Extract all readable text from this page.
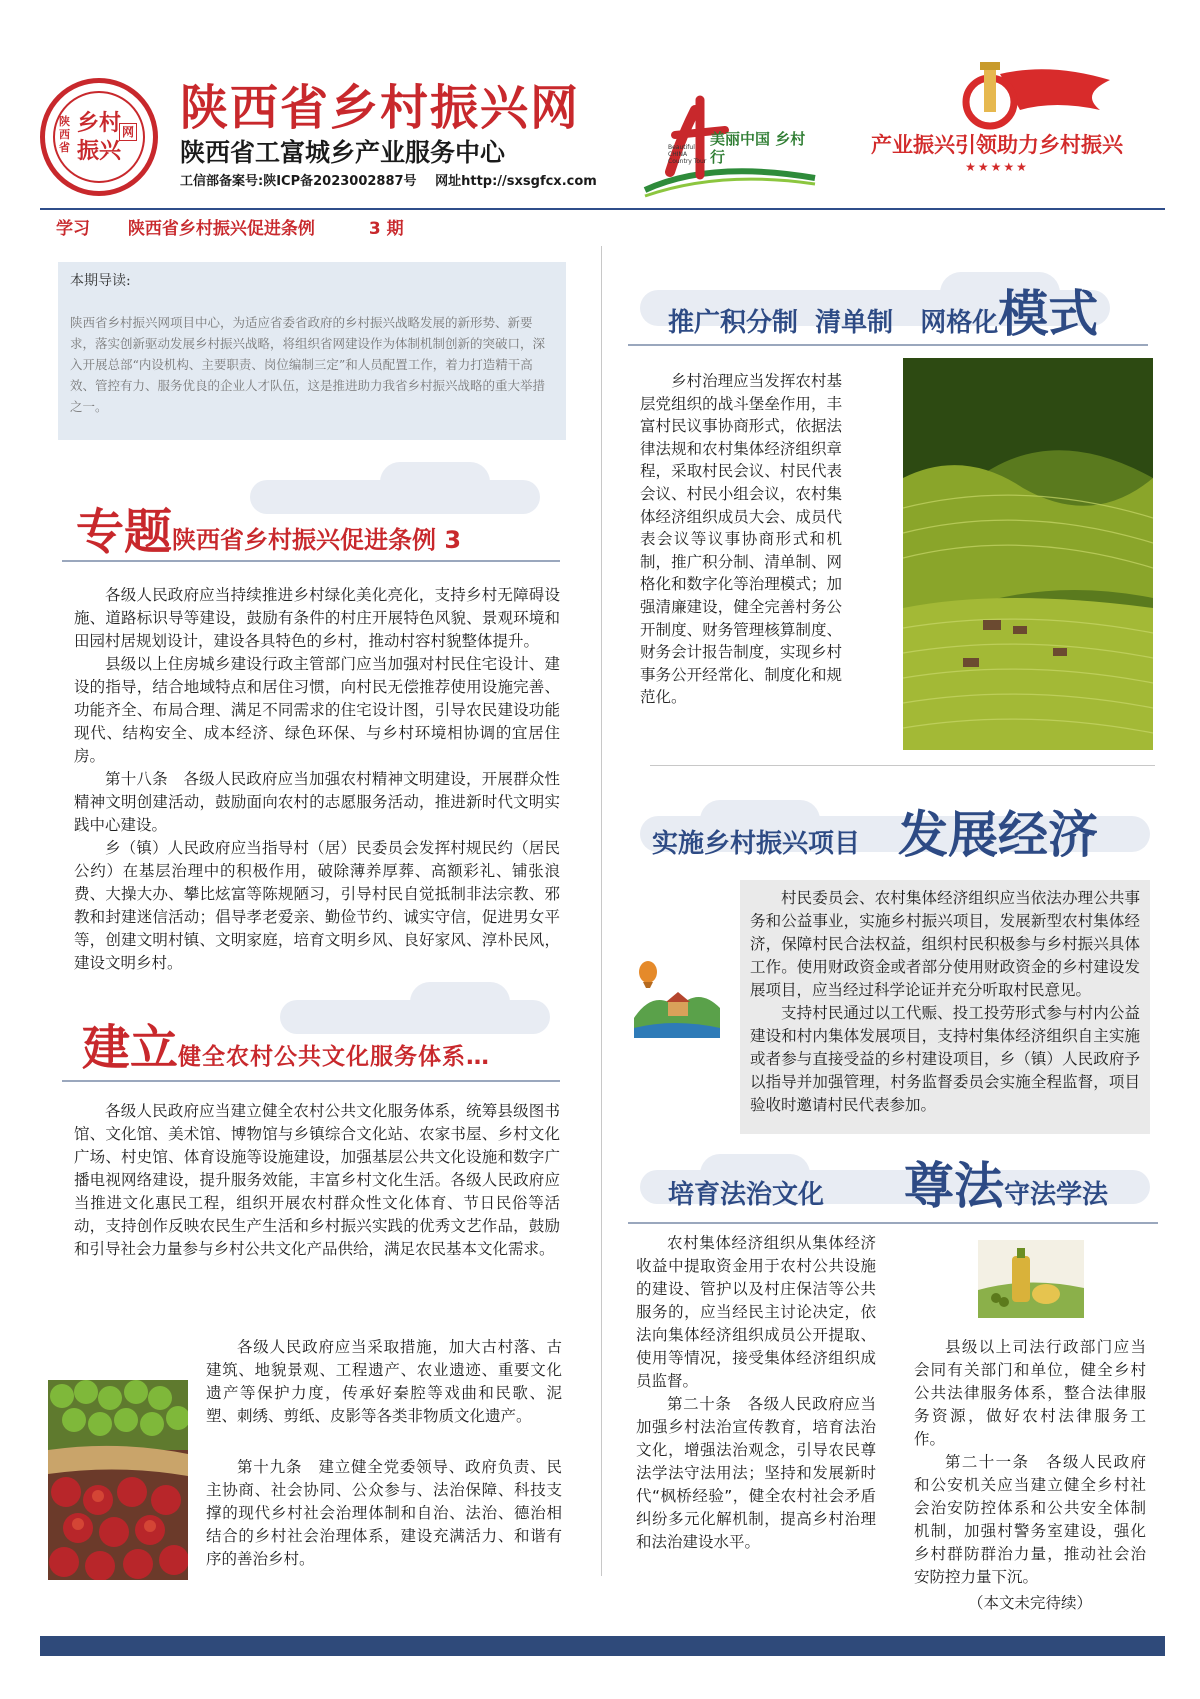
乡村 振兴
陕西省
网 陕西省乡村振兴网
陕西省工富城乡产业服务中心
工信部备案号:陕ICP备2023002887号 网址http://sxsgfcx.com
美丽中国 乡村行
Beautiful
CHINA
Country Tour
产业振兴引领助力乡村振兴
★★★★★
学习 陕西省乡村振兴促进条例	3 期
本期导读:
陕西省乡村振兴网项目中心，为适应省委省政府的乡村振兴战略发展的新形势、新要求，落实创新驱动发展乡村振兴战略，将组织省网建设作为体制机制创新的突破口，深入开展总部“内设机构、主要职责、岗位编制三定”和人员配置工作，着力打造精干高效、管控有力、服务优良的企业人才队伍，这是推进助力我省乡村振兴战略的重大举措之一。
专题陕西省乡村振兴促进条例 3

各级人民政府应当持续推进乡村绿化美化亮化，支持乡村无障碍设施、道路标识导等建设，鼓励有条件的村庄开展特色风貌、景观环境和田园村居规划设计，建设各具特色的乡村，推动村容村貌整体提升。

县级以上住房城乡建设行政主管部门应当加强对村民住宅设计、建设的指导，结合地域特点和居住习惯，向村民无偿推荐使用设施完善、功能齐全、布局合理、满足不同需求的住宅设计图，引导农民建设功能现代、结构安全、成本经济、绿色环保、与乡村环境相协调的宜居住房。

第十八条　各级人民政府应当加强农村精神文明建设，开展群众性精神文明创建活动，鼓励面向农村的志愿服务活动，推进新时代文明实践中心建设。

乡（镇）人民政府应当指导村（居）民委员会发挥村规民约（居民公约）在基层治理中的积极作用，破除薄养厚葬、高额彩礼、铺张浪费、大操大办、攀比炫富等陈规陋习，引导村民自觉抵制非法宗教、邪教和封建迷信活动；倡导孝老爱亲、勤俭节约、诚实守信，促进男女平等，创建文明村镇、文明家庭，培育文明乡风、良好家风、淳朴民风，建设文明乡村。

建立健全农村公共文化服务体系…

各级人民政府应当建立健全农村公共文化服务体系，统筹县级图书馆、文化馆、美术馆、博物馆与乡镇综合文化站、农家书屋、乡村文化广场、村史馆、体育设施等设施建设，加强基层公共文化设施和数字广播电视网络建设，提升服务效能，丰富乡村文化生活。各级人民政府应当推进文化惠民工程，组织开展农村群众性文化体育、节日民俗等活动，支持创作反映农民生产生活和乡村振兴实践的优秀文艺作品，鼓励和引导社会力量参与乡村公共文化产品供给，满足农民基本文化需求。

各级人民政府应当采取措施，加大古村落、古建筑、地貌景观、工程遗产、农业遗迹、重要文化遗产等保护力度，传承好秦腔等戏曲和民歌、泥塑、刺绣、剪纸、皮影等各类非物质文化遗产。

第十九条　建立健全党委领导、政府负责、民主协商、社会协同、公众参与、法治保障、科技支撑的现代乡村社会治理体制和自治、法治、德治相结合的乡村社会治理体系，建设充满活力、和谐有序的善治乡村。

推广积分制 清单制 网格化模式

乡村治理应当发挥农村基层党组织的战斗堡垒作用，丰富村民议事协商形式，依据法律法规和农村集体经济组织章程，采取村民会议、村民代表会议、村民小组会议，农村集体经济组织成员大会、成员代表会议等议事协商形式和机制，推广积分制、清单制、网格化和数字化等治理模式；加强清廉建设，健全完善村务公开制度、财务管理核算制度、财务会计报告制度，实现乡村事务公开经常化、制度化和规范化。

实施乡村振兴项目 发展经济

村民委员会、农村集体经济组织应当依法办理公共事务和公益事业，实施乡村振兴项目，发展新型农村集体经济，保障村民合法权益，组织村民积极参与乡村振兴具体工作。使用财政资金或者部分使用财政资金的乡村建设发展项目，应当经过科学论证并充分听取村民意见。

支持村民通过以工代赈、投工投劳形式参与村内公益建设和村内集体发展项目，支持村集体经济组织自主实施或者参与直接受益的乡村建设项目，乡（镇）人民政府予以指导并加强管理，村务监督委员会实施全程监督，项目验收时邀请村民代表参加。

培育法治文化 尊法守法学法

农村集体经济组织从集体经济收益中提取资金用于农村公共设施的建设、管护以及村庄保洁等公共服务的，应当经民主讨论决定，依法向集体经济组织成员公开提取、使用等情况，接受集体经济组织成员监督。

第二十条　各级人民政府应当加强乡村法治宣传教育，培育法治文化，增强法治观念，引导农民尊法学法守法用法；坚持和发展新时代“枫桥经验”，健全农村社会矛盾纠纷多元化解机制，提高乡村治理和法治建设水平。

县级以上司法行政部门应当会同有关部门和单位，健全乡村公共法律服务体系，整合法律服务资源，做好农村法律服务工作。

第二十一条　各级人民政府和公安机关应当建立健全乡村社会治安防控体系和公共安全体制机制，加强村警务室建设，强化乡村群防群治力量，推动社会治安防控力量下沉。

（本文未完待续）
